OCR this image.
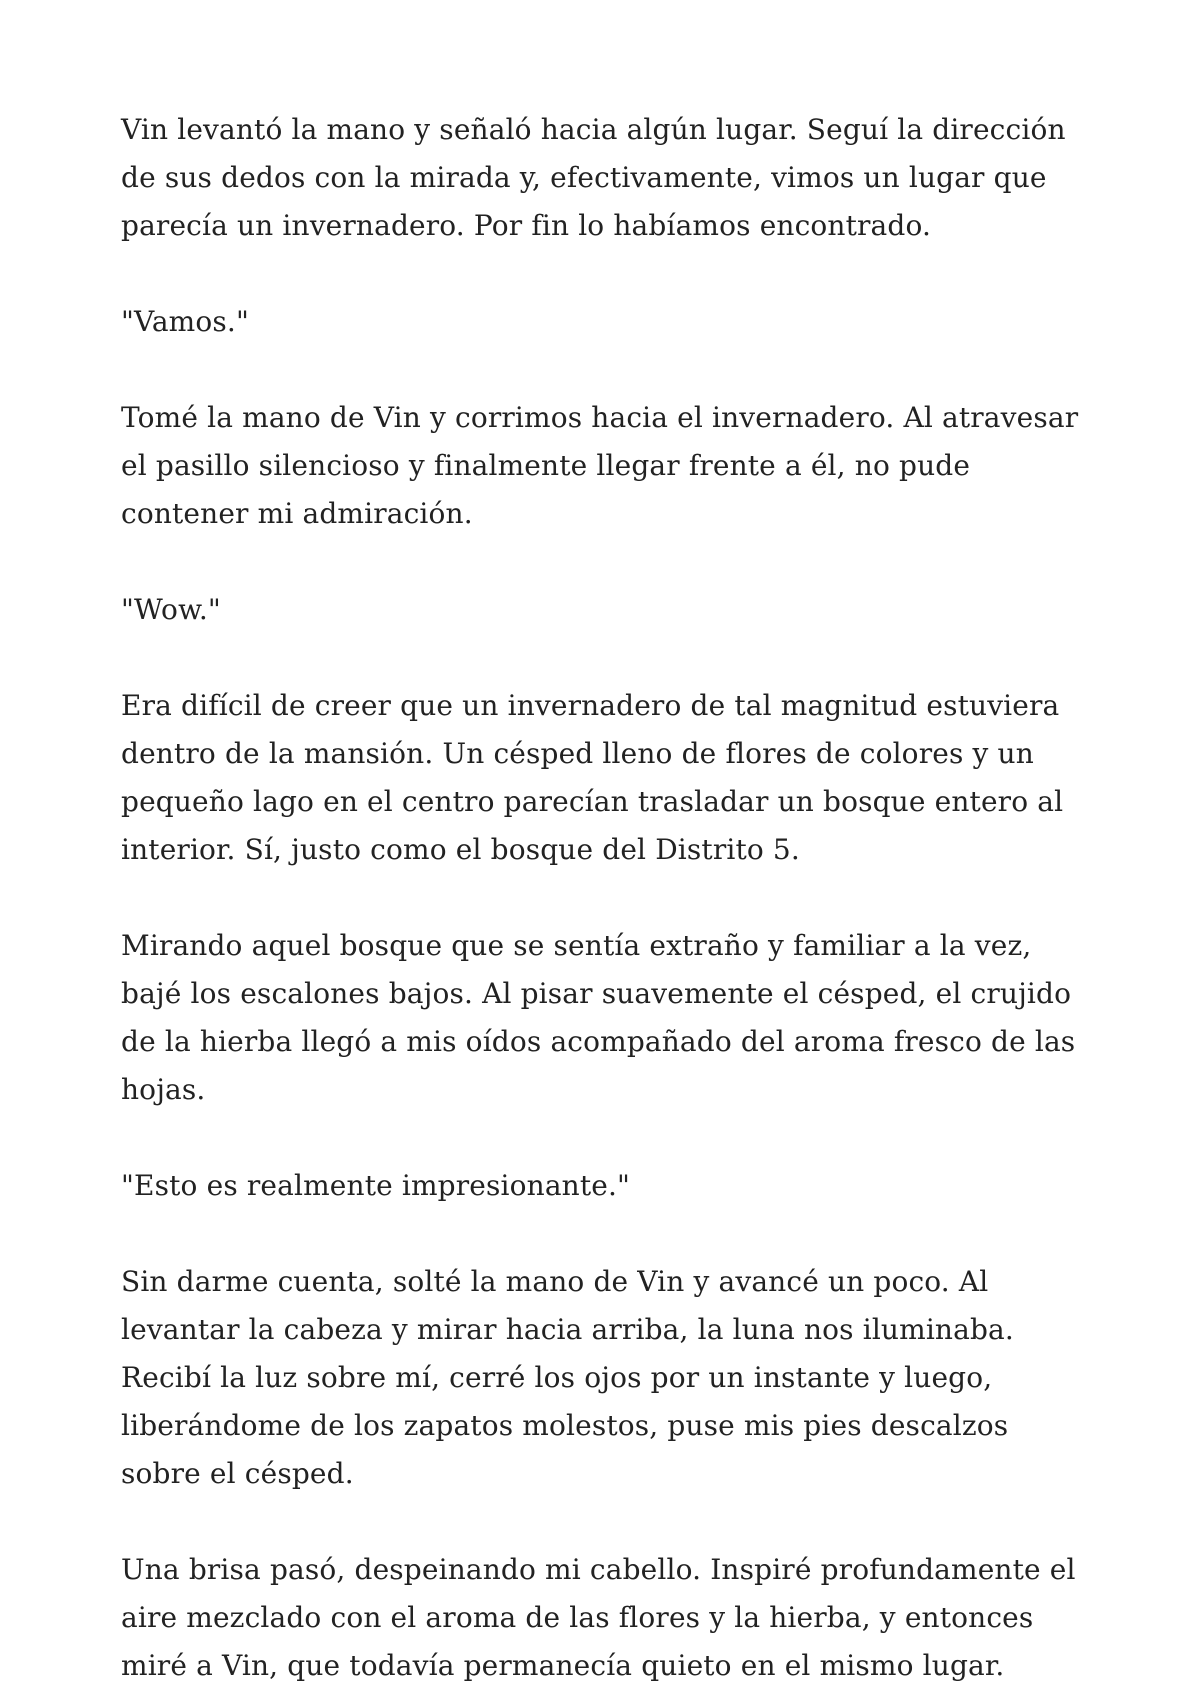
Vin levantó la mano y señaló hacia algún lugar. Seguí la dirección de sus dedos con la mirada y, efectivamente, vimos un lugar que parecía un invernadero. Por fin lo habíamos encontrado.

"Vamos."

Tomé la mano de Vin y corrimos hacia el invernadero. Al atravesar el pasillo silencioso y finalmente llegar frente a él, no pude contener mi admiración.

"Wow."

Era difícil de creer que un invernadero de tal magnitud estuviera dentro de la mansión. Un césped lleno de flores de colores y un pequeño lago en el centro parecían trasladar un bosque entero al interior. Sí, justo como el bosque del Distrito 5.

Mirando aquel bosque que se sentía extraño y familiar a la vez, bajé los escalones bajos. Al pisar suavemente el césped, el crujido de la hierba llegó a mis oídos acompañado del aroma fresco de las hojas.

"Esto es realmente impresionante."

Sin darme cuenta, solté la mano de Vin y avancé un poco. Al levantar la cabeza y mirar hacia arriba, la luna nos iluminaba. Recibí la luz sobre mí, cerré los ojos por un instante y luego, liberándome de los zapatos molestos, puse mis pies descalzos sobre el césped.

Una brisa pasó, despeinando mi cabello. Inspiré profundamente el aire mezclado con el aroma de las flores y la hierba, y entonces miré a Vin, que todavía permanecía quieto en el mismo lugar.
